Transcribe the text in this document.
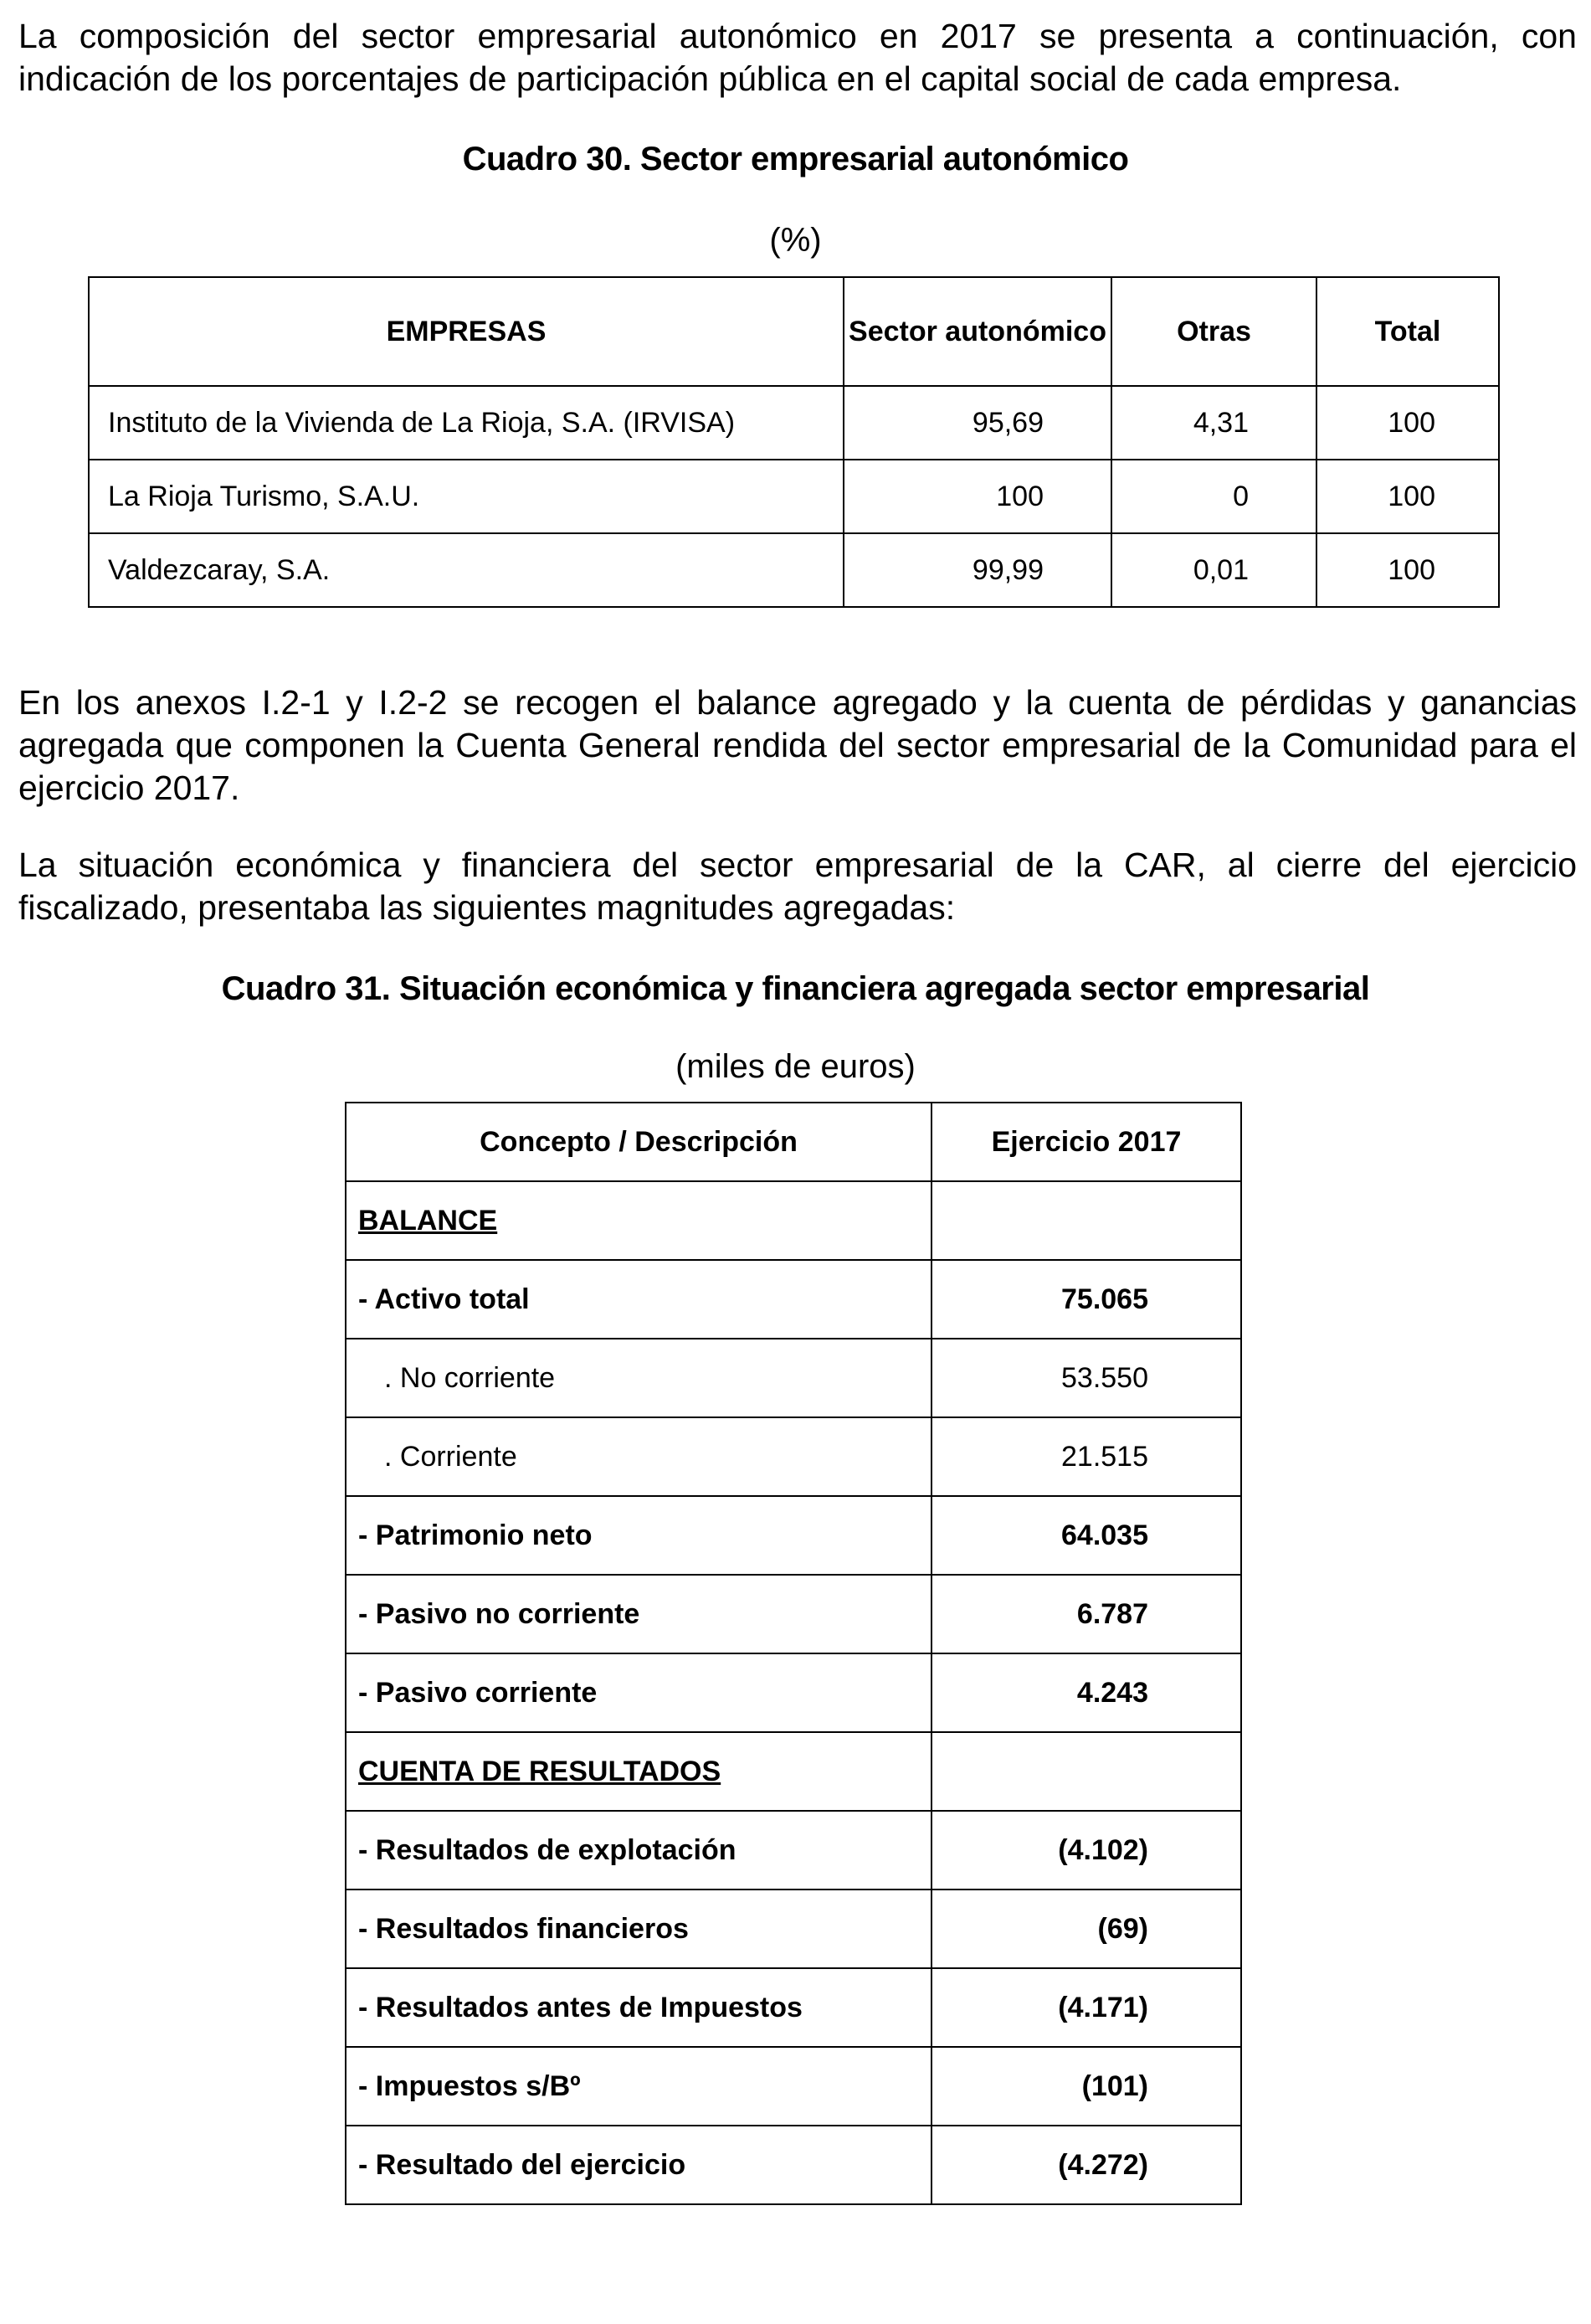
La composición del sector empresarial autonómico en 2017 se presenta a continuación, con indicación de los porcentajes de participación pública en el capital social de cada empresa.

Cuadro 30. Sector empresarial autonómico

(%)

EMPRESAS	Sector autonómico	Otras	Total
Instituto de la Vivienda de La Rioja, S.A. (IRVISA)	95,69	4,31	100
La Rioja Turismo, S.A.U.	100	0	100
Valdezcaray, S.A.	99,99	0,01	100

En los anexos I.2-1 y I.2-2 se recogen el balance agregado y la cuenta de pérdidas y ganancias agregada que componen la Cuenta General rendida del sector empresarial de la Comunidad para el ejercicio 2017.

La situación económica y financiera del sector empresarial de la CAR, al cierre del ejercicio fiscalizado, presentaba las siguientes magnitudes agregadas:

Cuadro 31. Situación económica y financiera agregada sector empresarial

(miles de euros)

Concepto / Descripción	Ejercicio 2017
BALANCE	
- Activo total	75.065
. No corriente	53.550
. Corriente	21.515
- Patrimonio neto	64.035
- Pasivo no corriente	6.787
- Pasivo corriente	4.243
CUENTA DE RESULTADOS	
- Resultados de explotación	(4.102)
- Resultados financieros	(69)
- Resultados antes de Impuestos	(4.171)
- Impuestos s/Bº	(101)
- Resultado del ejercicio	(4.272)
